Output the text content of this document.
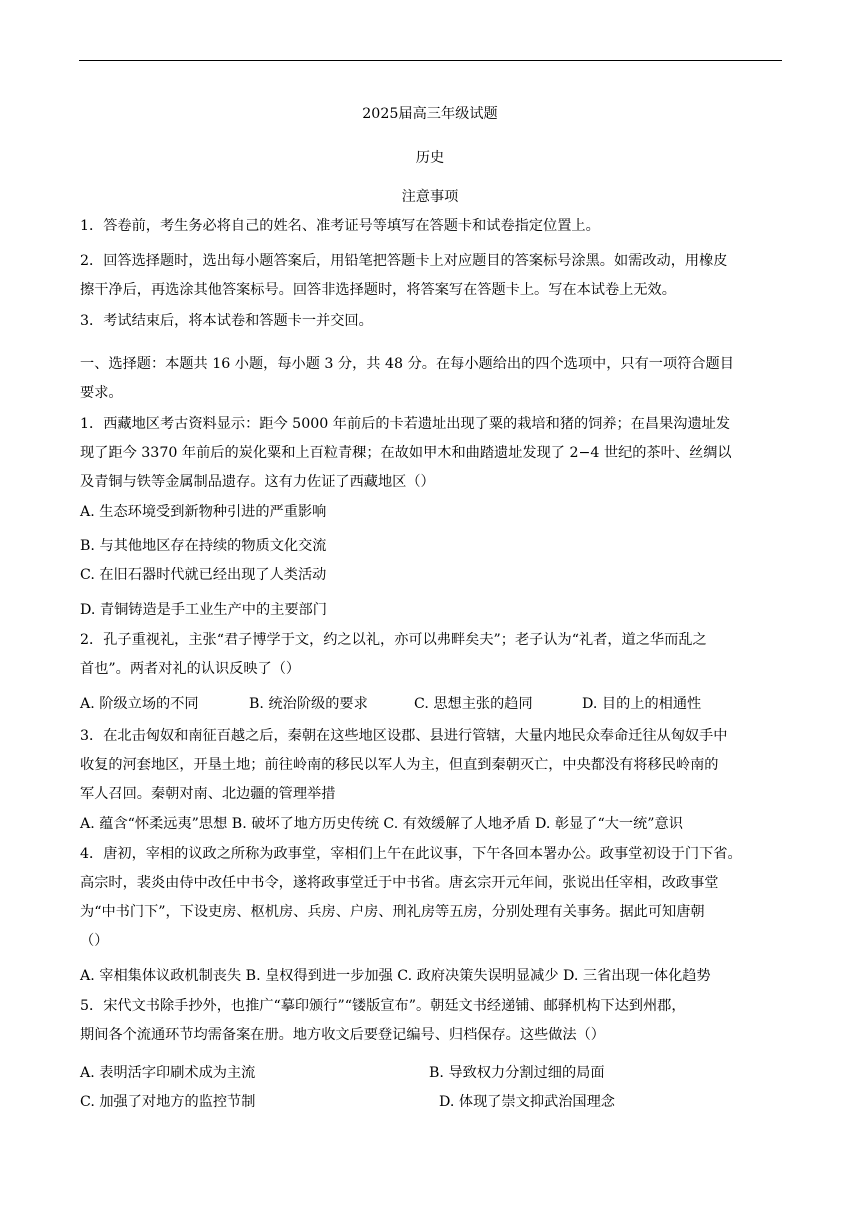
2025届高三年级试题
历史
注意事项
1．答卷前，考生务必将自己的姓名、准考证号等填写在答题卡和试卷指定位置上。
2．回答选择题时，选出每小题答案后，用铅笔把答题卡上对应题目的答案标号涂黑。如需改动，用橡皮
擦干净后，再选涂其他答案标号。回答非选择题时，将答案写在答题卡上。写在本试卷上无效。
3．考试结束后，将本试卷和答题卡一并交回。
一、选择题：本题共 16 小题，每小题 3 分，共 48 分。在每小题给出的四个选项中，只有一项符合题目
要求。
1．西藏地区考古资料显示：距今 5000 年前后的卡若遗址出现了粟的栽培和猪的饲养；在昌果沟遗址发
现了距今 3370 年前后的炭化粟和上百粒青稞；在故如甲木和曲踏遗址发现了 2−4 世纪的茶叶、丝绸以
及青铜与铁等金属制品遗存。这有力佐证了西藏地区（）
A. 生态环境受到新物种引进的严重影响
B. 与其他地区存在持续的物质文化交流
C. 在旧石器时代就已经出现了人类活动
D. 青铜铸造是手工业生产中的主要部门
2．孔子重视礼，主张“君子博学于文，约之以礼，亦可以弗畔矣夫”；老子认为“礼者，道之华而乱之
首也”。两者对礼的认识反映了（）
A. 阶级立场的不同	B. 统治阶级的要求	C. 思想主张的趋同	D. 目的上的相通性
3．在北击匈奴和南征百越之后，秦朝在这些地区设郡、县进行管辖，大量内地民众奉命迁往从匈奴手中
收复的河套地区，开垦土地；前往岭南的移民以军人为主，但直到秦朝灭亡，中央都没有将移民岭南的
军人召回。秦朝对南、北边疆的管理举措
A. 蕴含“怀柔远夷”思想 B. 破坏了地方历史传统 C. 有效缓解了人地矛盾 D. 彰显了“大一统”意识
4．唐初，宰相的议政之所称为政事堂，宰相们上午在此议事，下午各回本署办公。政事堂初设于门下省。
高宗时，裴炎由侍中改任中书令，遂将政事堂迁于中书省。唐玄宗开元年间，张说出任宰相，改政事堂
为“中书门下”，下设吏房、枢机房、兵房、户房、刑礼房等五房，分别处理有关事务。据此可知唐朝
（）
A. 宰相集体议政机制丧失 B. 皇权得到进一步加强 C. 政府决策失误明显减少 D. 三省出现一体化趋势
5．宋代文书除手抄外，也推广“摹印颁行”“镂版宣布”。朝廷文书经递铺、邮驿机构下达到州郡，
期间各个流通环节均需备案在册。地方收文后要登记编号、归档保存。这些做法（）
A. 表明活字印刷术成为主流	B. 导致权力分割过细的局面
C. 加强了对地方的监控节制	D. 体现了崇文抑武治国理念
